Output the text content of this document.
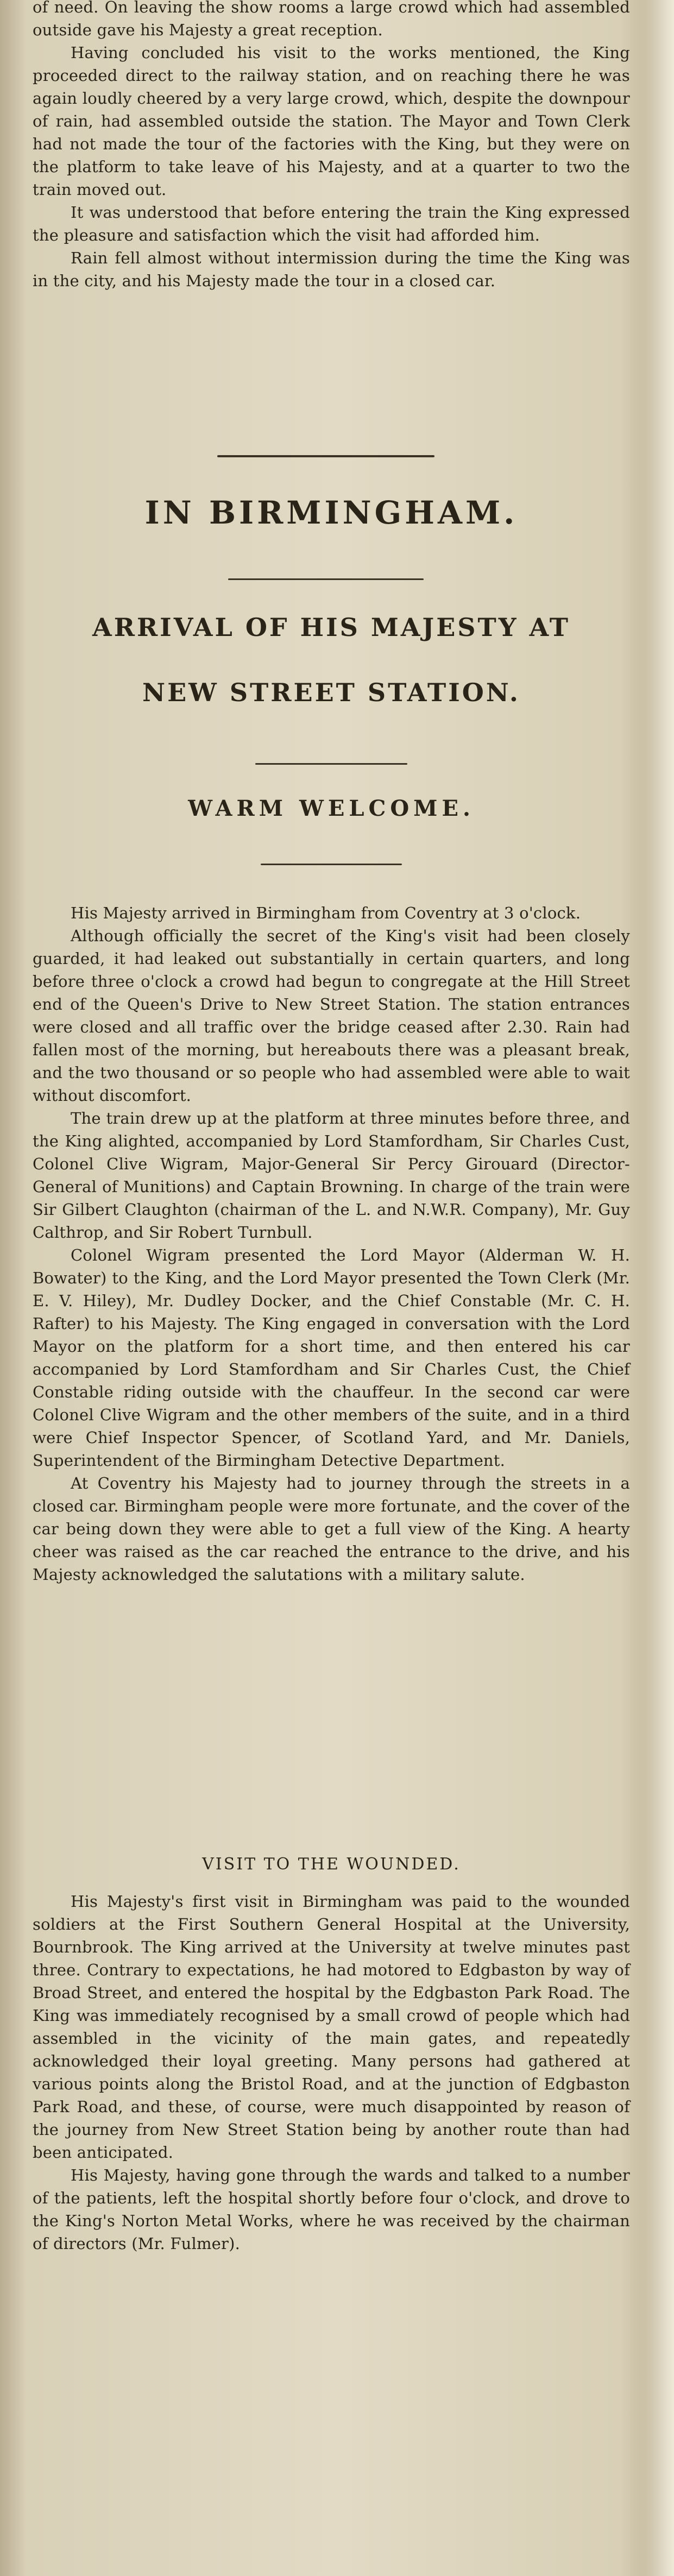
of need. On leaving the show rooms a large crowd which had assembled outside gave his Majesty a great reception.

Having concluded his visit to the works mentioned, the King proceeded direct to the railway station, and on reaching there he was again loudly cheered by a very large crowd, which, despite the downpour of rain, had assembled outside the station. The Mayor and Town Clerk had not made the tour of the factories with the King, but they were on the platform to take leave of his Majesty, and at a quarter to two the train moved out.

It was understood that before entering the train the King expressed the pleasure and satisfaction which the visit had afforded him.

Rain fell almost without intermission during the time the King was in the city, and his Majesty made the tour in a closed car.

IN BIRMINGHAM.

ARRIVAL OF HIS MAJESTY AT

NEW STREET STATION.

WARM WELCOME.

His Majesty arrived in Birmingham from Coventry at 3 o'clock.

Although officially the secret of the King's visit had been closely guarded, it had leaked out substantially in certain quarters, and long before three o'clock a crowd had begun to congregate at the Hill Street end of the Queen's Drive to New Street Station. The station entrances were closed and all traffic over the bridge ceased after 2.30. Rain had fallen most of the morning, but hereabouts there was a pleasant break, and the two thousand or so people who had assembled were able to wait without discomfort.

The train drew up at the platform at three minutes before three, and the King alighted, accompanied by Lord Stamfordham, Sir Charles Cust, Colonel Clive Wigram, Major-General Sir Percy Girouard (Director-General of Munitions) and Captain Browning. In charge of the train were Sir Gilbert Claughton (chairman of the L. and N.W.R. Company), Mr. Guy Calthrop, and Sir Robert Turnbull.

Colonel Wigram presented the Lord Mayor (Alderman W. H. Bowater) to the King, and the Lord Mayor presented the Town Clerk (Mr. E. V. Hiley), Mr. Dudley Docker, and the Chief Constable (Mr. C. H. Rafter) to his Majesty. The King engaged in conversation with the Lord Mayor on the platform for a short time, and then entered his car accompanied by Lord Stamfordham and Sir Charles Cust, the Chief Constable riding outside with the chauffeur. In the second car were Colonel Clive Wigram and the other members of the suite, and in a third were Chief Inspector Spencer, of Scotland Yard, and Mr. Daniels, Superintendent of the Birmingham Detective Department.

At Coventry his Majesty had to journey through the streets in a closed car. Birmingham people were more fortunate, and the cover of the car being down they were able to get a full view of the King. A hearty cheer was raised as the car reached the entrance to the drive, and his Majesty acknowledged the salutations with a military salute.

VISIT TO THE WOUNDED.

His Majesty's first visit in Birmingham was paid to the wounded soldiers at the First Southern General Hospital at the University, Bournbrook. The King arrived at the University at twelve minutes past three. Contrary to expectations, he had motored to Edgbaston by way of Broad Street, and entered the hospital by the Edgbaston Park Road. The King was immediately recognised by a small crowd of people which had assembled in the vicinity of the main gates, and repeatedly acknowledged their loyal greeting. Many persons had gathered at various points along the Bristol Road, and at the junction of Edgbaston Park Road, and these, of course, were much disappointed by reason of the journey from New Street Station being by another route than had been anticipated.

His Majesty, having gone through the wards and talked to a number of the patients, left the hospital shortly before four o'clock, and drove to the King's Norton Metal Works, where he was received by the chairman of directors (Mr. Fulmer).
